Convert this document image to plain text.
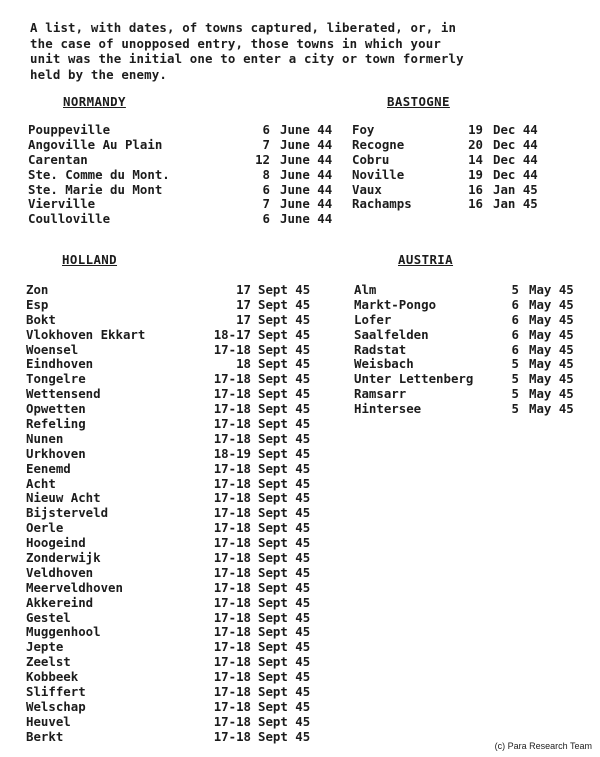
A list, with dates, of towns captured, liberated, or, in
the case of unopposed entry, those towns in which your
unit was the initial one to enter a city or town formerly
held by the enemy.
NORMANDY
Pouppeville	6 June 44
Angoville Au Plain	7 June 44
Carentan	12 June 44
Ste. Comme du Mont.	8 June 44
Ste. Marie du Mont	6 June 44
Vierville	7 June 44
Coulloville	6 June 44
BASTOGNE
Foy	19 Dec 44
Recogne	20 Dec 44
Cobru	14 Dec 44
Noville	19 Dec 44
Vaux	16 Jan 45
Rachamps	16 Jan 45
HOLLAND
Zon	17 Sept 45
Esp	17 Sept 45
Bokt	17 Sept 45
Vlokhoven Ekkart	18-17 Sept 45
Woensel	17-18 Sept 45
Eindhoven	18 Sept 45
Tongelre	17-18 Sept 45
Wettensend	17-18 Sept 45
Opwetten	17-18 Sept 45
Refeling	17-18 Sept 45
Nunen	17-18 Sept 45
Urkhoven	18-19 Sept 45
Eenemd	17-18 Sept 45
Acht	17-18 Sept 45
Nieuw Acht	17-18 Sept 45
Bijsterveld	17-18 Sept 45
Oerle	17-18 Sept 45
Hoogeind	17-18 Sept 45
Zonderwijk	17-18 Sept 45
Veldhoven	17-18 Sept 45
Meerveldhoven	17-18 Sept 45
Akkereind	17-18 Sept 45
Gestel	17-18 Sept 45
Muggenhool	17-18 Sept 45
Jepte	17-18 Sept 45
Zeelst	17-18 Sept 45
Kobbeek	17-18 Sept 45
Sliffert	17-18 Sept 45
Welschap	17-18 Sept 45
Heuvel	17-18 Sept 45
Berkt	17-18 Sept 45
AUSTRIA
Alm	5 May 45
Markt-Pongo	6 May 45
Lofer	6 May 45
Saalfelden	6 May 45
Radstat	6 May 45
Weisbach	5 May 45
Unter Lettenberg	5 May 45
Ramsarr	5 May 45
Hintersee	5 May 45
(c) Para Research Team
